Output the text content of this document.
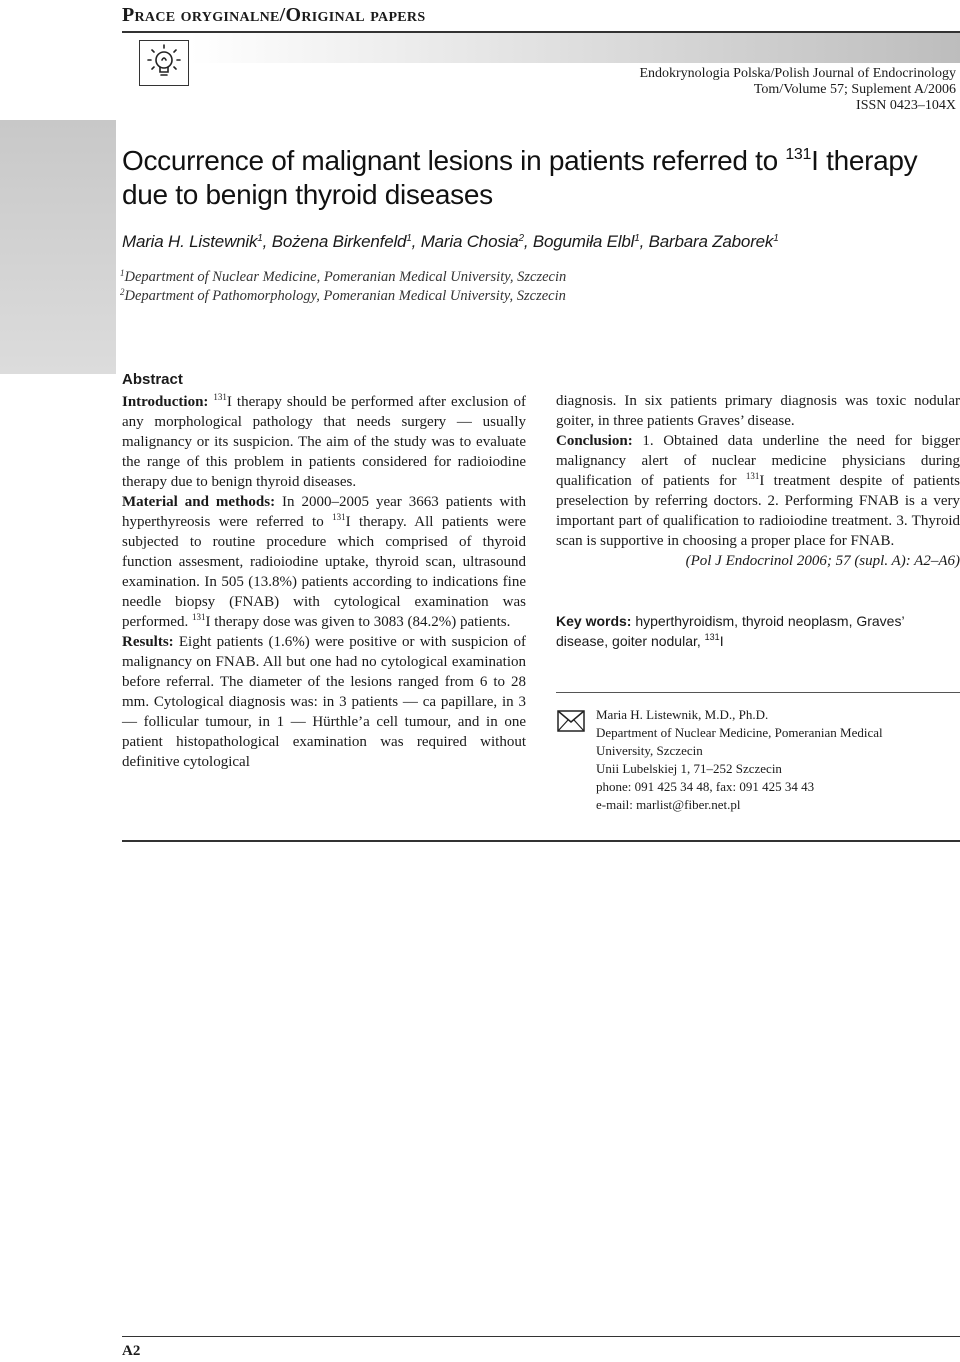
Prace oryginalne/Original papers
Endokrynologia Polska/Polish Journal of Endocrinology
Tom/Volume 57; Suplement A/2006
ISSN 0423–104X
Occurrence of malignant lesions in patients referred to $^{131}$I therapy
due to benign thyroid diseases
Maria H. Listewnik$^1$, Bożena Birkenfeld$^1$, Maria Chosia$^2$, Bogumiła Elbl$^1$, Barbara Zaborek$^1$
$^1$Department of Nuclear Medicine, Pomeranian Medical University, Szczecin
$^2$Department of Pathomorphology, Pomeranian Medical University, Szczecin
Abstract

Introduction: $^{131}$I therapy should be performed after exclusion of any morphological pathology that needs surgery — usually malignancy or its suspicion. The aim of the study was to evaluate the range of this problem in patients considered for radioiodine therapy due to benign thyroid diseases.

Material and methods: In 2000–2005 year 3663 patients with hyperthyreosis were referred to $^{131}$I therapy. All patients were subjected to routine procedure which comprised of thyroid function assesment, radioiodine uptake, thyroid scan, ultrasound examination. In 505 (13.8%) patients according to indications fine needle biopsy (FNAB) with cytological examination was performed. $^{131}$I therapy dose was given to 3083 (84.2%) patients.

Results: Eight patients (1.6%) were positive or with suspicion of malignancy on FNAB. All but one had no cytological examination before referral. The diameter of the lesions ranged from 6 to 28 mm. Cytological diagnosis was: in 3 patients — ca papillare, in 3 — follicular tumour, in 1 — Hürthle’a cell tumour, and in one patient histopathological examination was required without definitive cytological

diagnosis. In six patients primary diagnosis was toxic nodular goiter, in three patients Graves’ disease.

Conclusion: 1. Obtained data underline the need for bigger malignancy alert of nuclear medicine physicians during qualification of patients for $^{131}$I treatment despite of patients preselection by referring doctors. 2. Performing FNAB is a very important part of qualification to radioiodine treatment. 3. Thyroid scan is supportive in choosing a proper place for FNAB.

(Pol J Endocrinol 2006; 57 (supl. A): A2–A6)

Key words: hyperthyroidism, thyroid neoplasm, Graves’ disease, goiter nodular, $^{131}$I
Maria H. Listewnik, M.D., Ph.D.
Department of Nuclear Medicine, Pomeranian Medical
University, Szczecin
Unii Lubelskiej 1, 71–252 Szczecin
phone: 091 425 34 48, fax: 091 425 34 43
e-mail: marlist@fiber.net.pl
A2
